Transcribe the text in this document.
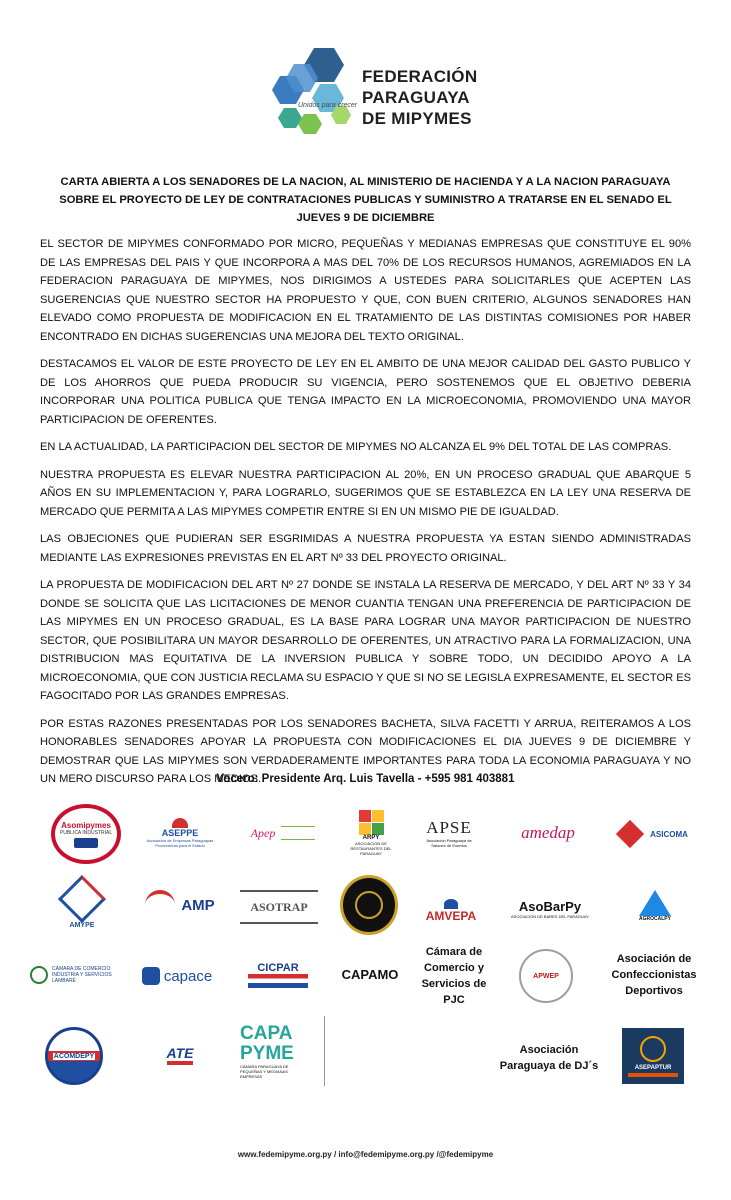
FEDERACIÓN
PARAGUAYA
DE MIPYMES
Unidos para crecer
CARTA ABIERTA A LOS SENADORES DE LA NACION, AL MINISTERIO DE HACIENDA Y A LA NACION PARAGUAYA SOBRE EL PROYECTO DE LEY DE CONTRATACIONES PUBLICAS Y SUMINISTRO A TRATARSE EN EL SENADO EL JUEVES 9 DE DICIEMBRE

EL SECTOR DE MIPYMES CONFORMADO POR MICRO, PEQUEÑAS Y MEDIANAS EMPRESAS QUE CONSTITUYE EL 90% DE LAS EMPRESAS DEL PAIS Y QUE INCORPORA A MAS DEL 70% DE LOS RECURSOS HUMANOS, AGREMIADOS EN LA FEDERACION PARAGUAYA DE MIPYMES, NOS DIRIGIMOS A USTEDES PARA SOLICITARLES QUE ACEPTEN LAS SUGERENCIAS QUE NUESTRO SECTOR HA PROPUESTO Y QUE, CON BUEN CRITERIO, ALGUNOS SENADORES HAN ELEVADO COMO PROPUESTA DE MODIFICACION EN EL TRATAMIENTO DE LAS DISTINTAS COMISIONES POR HABER ENCONTRADO EN DICHAS SUGERENCIAS UNA MEJORA DEL TEXTO ORIGINAL.

DESTACAMOS EL VALOR DE ESTE PROYECTO DE LEY EN EL AMBITO DE UNA MEJOR CALIDAD DEL GASTO PUBLICO Y DE LOS AHORROS QUE PUEDA PRODUCIR SU VIGENCIA, PERO SOSTENEMOS QUE EL OBJETIVO DEBERIA INCORPORAR UNA POLITICA PUBLICA QUE TENGA IMPACTO EN LA MICROECONOMIA, PROMOVIENDO UNA MAYOR PARTICIPACION DE OFERENTES.

EN LA ACTUALIDAD, LA PARTICIPACION DEL SECTOR DE MIPYMES NO ALCANZA EL 9% DEL TOTAL DE LAS COMPRAS.

NUESTRA PROPUESTA ES ELEVAR NUESTRA PARTICIPACION AL 20%, EN UN PROCESO GRADUAL QUE ABARQUE 5 AÑOS EN SU IMPLEMENTACION Y, PARA LOGRARLO, SUGERIMOS QUE SE ESTABLEZCA EN LA LEY UNA RESERVA DE MERCADO QUE PERMITA A LAS MIPYMES COMPETIR ENTRE SI EN UN MISMO PIE DE IGUALDAD.

LAS OBJECIONES QUE PUDIERAN SER ESGRIMIDAS A NUESTRA PROPUESTA YA ESTAN SIENDO ADMINISTRADAS MEDIANTE LAS EXPRESIONES PREVISTAS EN EL ART Nº 33 DEL PROYECTO ORIGINAL.

LA PROPUESTA DE MODIFICACION DEL ART Nº 27 DONDE SE INSTALA LA RESERVA DE MERCADO, Y DEL ART Nº 33 Y 34 DONDE SE SOLICITA QUE LAS LICITACIONES DE MENOR CUANTIA TENGAN UNA PREFERENCIA DE PARTICIPACION DE LAS MIPYMES EN UN PROCESO GRADUAL, ES LA BASE PARA LOGRAR UNA MAYOR PARTICIPACION DE NUESTRO SECTOR, QUE POSIBILITARA UN MAYOR DESARROLLO DE OFERENTES, UN ATRACTIVO PARA LA FORMALIZACION, UNA DISTRIBUCION MAS EQUITATIVA DE LA INVERSION PUBLICA Y SOBRE TODO, UN DECIDIDO APOYO A LA MICROECONOMIA, QUE CON JUSTICIA RECLAMA SU ESPACIO Y QUE SI NO SE LEGISLA EXPRESAMENTE, EL SECTOR ES FAGOCITADO POR LAS GRANDES EMPRESAS.

POR ESTAS RAZONES PRESENTADAS POR LOS SENADORES BACHETA, SILVA FACETTI Y ARRUA, REITERAMOS A LOS HONORABLES SENADORES APOYAR LA PROPUESTA CON MODIFICACIONES EL DIA JUEVES 9 DE DICIEMBRE Y DEMOSTRAR QUE LAS MIPYMES SON VERDADERAMENTE IMPORTANTES PARA TODA LA ECONOMIA PARAGUAYA Y NO UN MERO DISCURSO PARA LOS MEDIOS.

Vocero: Presidente Arq. Luis Tavella - +595 981 403881
Asomipymes
PUBLICA INDUSTRIAL	ASEPPE
Asociación de Empresas Paraguayas Proveedoras para el Estado
Apep	ARPY
ASOCIACIÓN DE RESTAURANTES DEL PARAGUAY
APSE
Asociación Paraguaya de Salones de Eventos
amedap	ASICOMA
AMYPE
AMP	ASOTRAP
AMVEPA
AsoBarPy
ASOCIACIÓN DE BARES DEL PARAGUAY	AGROCALPY
CÁMARA DE COMERCIO INDUSTRIA Y SERVICIOS LAMBARÉ	capace	CICPAR	CAPAMO
Cámara de Comercio y Servicios de PJC
APWEP
Asociación de Confeccionistas Deportivos
ACOMDEPY	ATE
CAPA
PYME
CÁMARA PARAGUAYA DE PEQUEÑAS Y MEDIANAS EMPRESAS
Asociación Paraguaya de DJ´s	ASEPAPTUR
www.fedemipyme.org.py / info@fedemipyme.org.py /@fedemipyme
